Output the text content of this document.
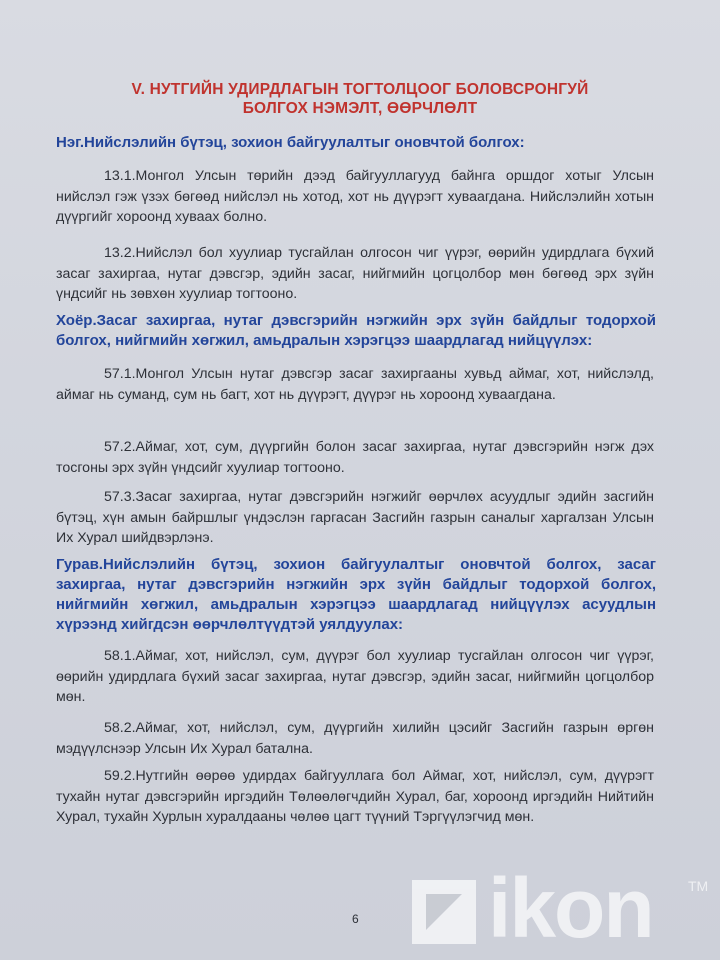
V. НУТГИЙН УДИРДЛАГЫН ТОГТОЛЦООГ БОЛОВСРОНГУЙ
БОЛГОХ НЭМЭЛТ, ӨӨРЧЛӨЛТ
Нэг.Нийслэлийн бүтэц, зохион байгуулалтыг оновчтой болгох:
13.1.Монгол Улсын төрийн дээд байгууллагууд байнга оршдог хотыг Улсын нийслэл гэж үзэх бөгөөд нийслэл нь хотод, хот нь дүүрэгт хуваагдана. Нийслэлийн хотын дүүргийг хороонд хуваах болно.
13.2.Нийслэл бол хуулиар тусгайлан олгосон чиг үүрэг, өөрийн удирдлага бүхий засаг захиргаа, нутаг дэвсгэр, эдийн засаг, нийгмийн цогцолбор мөн бөгөөд эрх зүйн үндсийг нь зөвхөн хуулиар тогтооно.
Хоёр.Засаг захиргаа, нутаг дэвсгэрийн нэгжийн эрх зүйн байдлыг тодорхой болгох, нийгмийн хөгжил, амьдралын хэрэгцээ шаардлагад нийцүүлэх:
57.1.Монгол Улсын нутаг дэвсгэр засаг захиргааны хувьд аймаг, хот, нийслэлд, аймаг нь суманд, сум нь багт, хот нь дүүрэгт, дүүрэг нь хороонд хуваагдана.
57.2.Аймаг, хот, сум, дүүргийн болон засаг захиргаа, нутаг дэвсгэрийн нэгж дэх тосгоны эрх зүйн үндсийг хуулиар тогтооно.
57.3.Засаг захиргаа, нутаг дэвсгэрийн нэгжийг өөрчлөх асуудлыг эдийн засгийн бүтэц, хүн амын байршлыг үндэслэн гаргасан Засгийн газрын саналыг харгалзан Улсын Их Хурал шийдвэрлэнэ.
Гурав.Нийслэлийн бүтэц, зохион байгуулалтыг оновчтой болгох, засаг захиргаа, нутаг дэвсгэрийн нэгжийн эрх зүйн байдлыг тодорхой болгох, нийгмийн хөгжил, амьдралын хэрэгцээ шаардлагад нийцүүлэх асуудлын хүрээнд хийгдсэн өөрчлөлтүүдтэй уялдуулах:
58.1.Аймаг, хот, нийслэл, сум, дүүрэг бол хуулиар тусгайлан олгосон чиг үүрэг, өөрийн удирдлага бүхий засаг захиргаа, нутаг дэвсгэр, эдийн засаг, нийгмийн цогцолбор мөн.
58.2.Аймаг, хот, нийслэл, сум, дүүргийн хилийн цэсийг Засгийн газрын өргөн мэдүүлснээр Улсын Их Хурал батална.
59.2.Нутгийн өөрөө удирдах байгууллага бол Аймаг, хот, нийслэл, сум, дүүрэгт тухайн нутаг дэвсгэрийн иргэдийн Төлөөлөгчдийн Хурал, баг, хороонд иргэдийн Нийтийн Хурал, тухайн Хурлын хуралдааны чөлөө цагт түүний Тэргүүлэгчид мөн.
6 ikon	TM
